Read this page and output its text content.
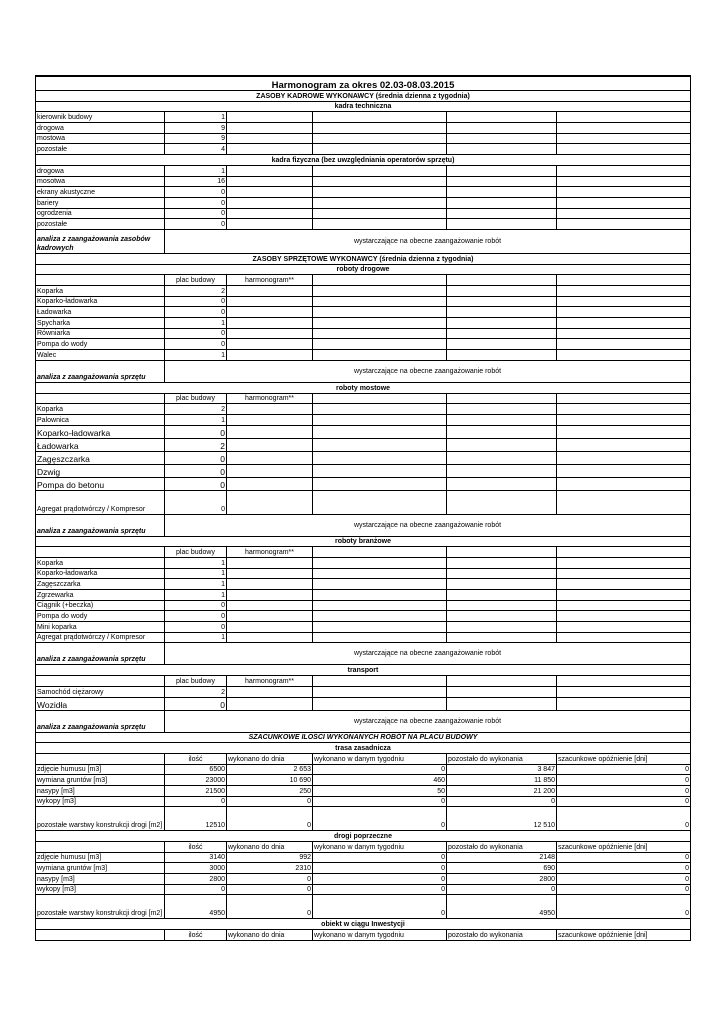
Harmonogram za okres 02.03-08.03.2015					
ZASOBY KADROWE WYKONAWCY (średnia dzienna z tygodnia)					
kadra techniczna					
kierownik budowy	1				
drogowa	9				
mostowa	9				
pozostałe	4				
kadra fizyczna (bez uwzględniania operatorów sprzętu)					
drogowa	1				
mosotwa	16				
ekrany akustyczne	0				
bariery	0				
ogrodzenia	0				
pozostałe	0				
analiza z zaangażowania zasobów kadrowych	wystarczające na obecne zaangażowanie robót				
ZASOBY SPRZĘTOWE WYKONAWCY (średnia dzienna z tygodnia)					
roboty drogowe					
	plac budowy	harmonogram**			
Koparka	2				
Koparko-ładowarka	0				
Ładowarka	0				
Spycharka	1				
Równiarka	0				
Pompa do wody	0				
Walec	1				
analiza z zaangażowania sprzętu	wystarczające na obecne zaangażowanie robót				
roboty mostowe					
	plac budowy	harmonogram**			
Koparka	2				
Palownica	1				
Koparko-ładowarka	0				
Ładowarka	2				
Zagęszczarka	0				
Dzwig	0				
Pompa do betonu	0				
Agregat prądotwórczy / Kompresor	0				
analiza z zaangażowania sprzętu	wystarczające na obecne zaangażowanie robót				
roboty branżowe					
	plac budowy	harmonogram**			
Koparka	1				
Koparko-ładowarka	1				
Zagęszczarka	1				
Zgrzewarka	1				
Ciągnik (+beczka)	0				
Pompa do wody	0				
Mini koparka	0				
Agregat prądotwórczy / Kompresor	1				
analiza z zaangażowania sprzętu	wystarczające na obecne zaangażowanie robót				
transport					
	plac budowy	harmonogram**			
Samochód ciężarowy	2				
Wozidła	0				
analiza z zaangażowania sprzętu	wystarczające na obecne zaangażowanie robót				
SZACUNKOWE ILOŚCI WYKONANYCH ROBÓT NA PLACU BUDOWY					
trasa zasadnicza					
	ilość	wykonano do dnia	wykonano w danym tygodniu	pozostało do wykonania	szacunkowe opóźnienie [dni]
zdjęcie humusu [m3]	6500	2 653	0	3 847	0
wymiana gruntów [m3]	23000	10 690	460	11 850	0
nasypy [m3]	21500	250	50	21 200	0
wykopy [m3]	0	0	0	0	0
pozostałe warstwy konstrukcji drogi [m2]	12510	0	0	12 510	0
drogi poprzeczne					
	ilość	wykonano do dnia	wykonano w danym tygodniu	pozostało do wykonania	szacunkowe opóźnienie [dni]
zdjęcie humusu [m3]	3140	992	0	2148	0
wymiana gruntów [m3]	3000	2310	0	690	0
nasypy [m3]	2800	0	0	2800	0
wykopy [m3]	0	0	0	0	0
pozostałe warstwy konstrukcji drogi [m2]	4950	0	0	4950	0
obiekt w ciągu Inwestycji					
	ilość	wykonano do dnia	wykonano w danym tygodniu	pozostało do wykonania	szacunkowe opóźnienie [dni]
